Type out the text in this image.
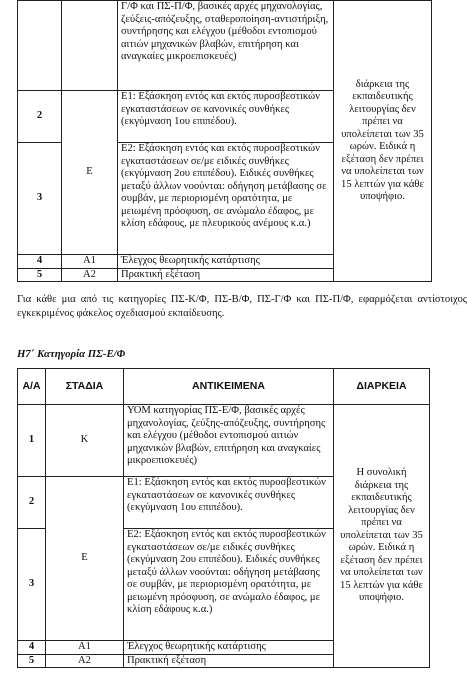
		Γ/Φ και ΠΣ-Π/Φ, βασικές αρχές μηχανολογίας, ζεύξεις-απόζευξης, σταθεροποίηση-αντιστήριξη, συντήρησης και ελέγχου (μέθοδοι εντοπισμού αιτιών μηχανικών βλαβών, επιτήρηση και αναγκαίες μικροεπισκευές)	διάρκεια της εκπαιδευτικής λειτουργίας δεν πρέπει να υπολείπεται των 35 ωρών. Ειδικά η εξέταση δεν πρέπει να υπολείπεται των 15 λεπτών για κάθε υποψήφιο.
2	Ε	Ε1: Εξάσκηση εντός και εκτός πυροσβεστικών εγκαταστάσεων σε κανονικές συνθήκες (εκγύμναση 1ου επιπέδου).	
3		Ε2: Εξάσκηση εντός και εκτός πυροσβεστικών εγκαταστάσεων σε/με ειδικές συνθήκες (εκγύμναση 2ου επιπέδου). Ειδικές συνθήκες μεταξύ άλλων νοούνται: οδήγηση μετάβασης σε συμβάν, με περιορισμένη ορατότητα, με μειωμένη πρόσφυση, σε ανώμαλο έδαφος, με κλίση εδάφους, με πλευρικούς ανέμους κ.α.)	
4	Α1	Έλεγχος θεωρητικής κατάρτισης	
5	Α2	Πρακτική εξέταση	
Για κάθε μια από τις κατηγορίες ΠΣ-Κ/Φ, ΠΣ-Β/Φ, ΠΣ-Γ/Φ και ΠΣ-Π/Φ, εφαρμόζεται αντίστοιχος εγκεκριμένος φάκελος σχεδιασμού εκπαίδευσης.
Η7΄ Κατηγορία ΠΣ-Ε/Φ
Α/Α	ΣΤΑΔΙΑ	ΑΝΤΙΚΕΙΜΕΝΑ	ΔΙΑΡΚΕΙΑ
1	Κ	ΥΟΜ κατηγορίας ΠΣ-Ε/Φ, βασικές αρχές μηχανολογίας, ζεύξης-απόζευξης, συντήρησης και ελέγχου (μέθοδοι εντοπισμού αιτιών μηχανικών βλαβών, επιτήρηση και αναγκαίες μικροεπισκευές)	Η συνολική διάρκεια της εκπαιδευτικής λειτουργίας δεν πρέπει να υπολείπεται των 35 ωρών. Ειδικά η εξέταση δεν πρέπει να υπολείπεται των 15 λεπτών για κάθε υποψήφιο.
2	Ε	Ε1: Εξάσκηση εντός και εκτός πυροσβεστικών εγκαταστάσεων σε κανονικές συνθήκες (εκγύμναση 1ου επιπέδου).	
3		Ε2: Εξάσκηση εντός και εκτός πυροσβεστικών εγκαταστάσεων σε/με ειδικές συνθήκες (εκγύμναση 2ου επιπέδου). Ειδικές συνθήκες μεταξύ άλλων νοούνται: οδήγηση μετάβασης σε συμβάν, με περιορισμένη ορατότητα, με μειωμένη πρόσφυση, σε ανώμαλο έδαφος, με κλίση εδάφους κ.α.)	
4	Α1	Έλεγχος θεωρητικής κατάρτισης	
5	Α2	Πρακτική εξέταση	
